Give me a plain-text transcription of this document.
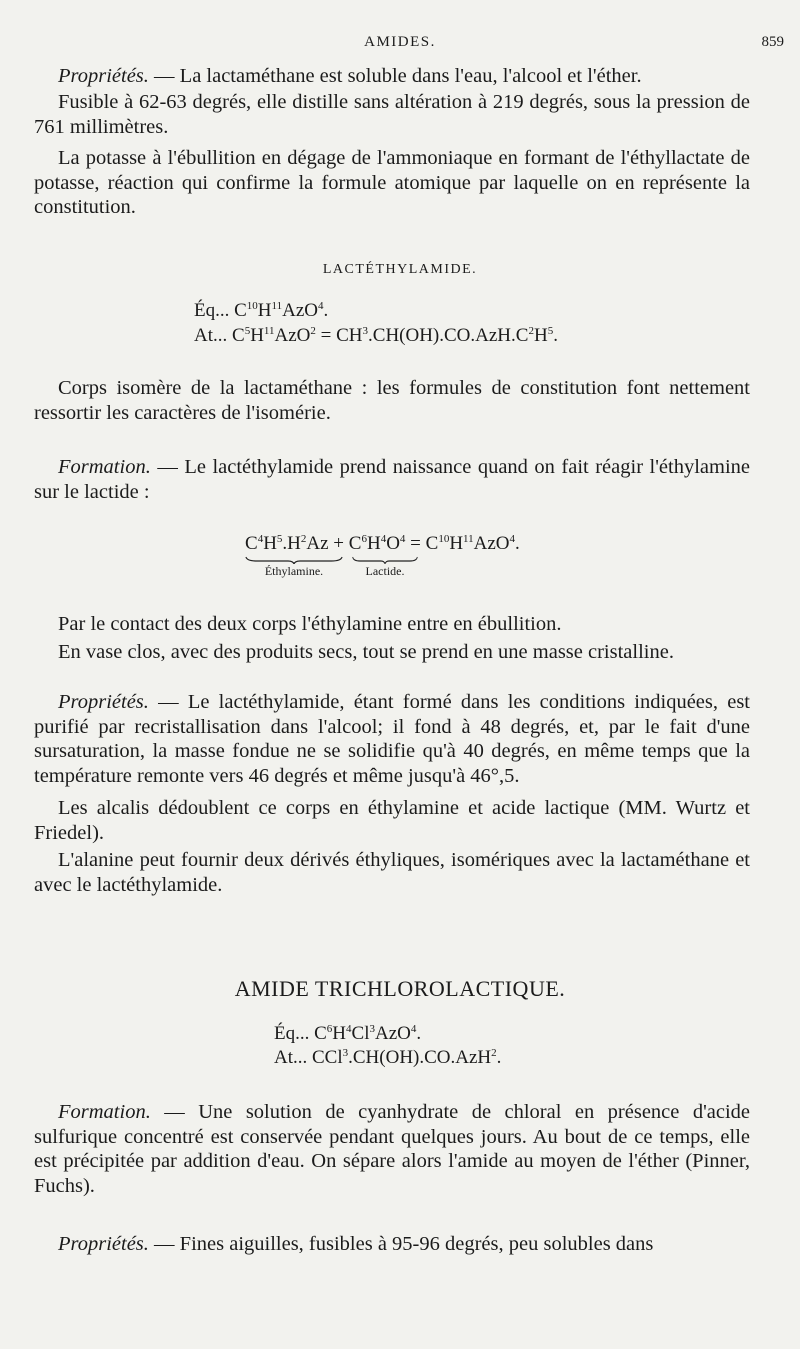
AMIDES.	859
Propriétés. — La lactaméthane est soluble dans l'eau, l'alcool et l'éther.
Fusible à 62-63 degrés, elle distille sans altération à 219 degrés, sous la pression de 761 millimètres.
La potasse à l'ébullition en dégage de l'ammoniaque en formant de l'éthyllactate de potasse, réaction qui confirme la formule atomique par laquelle on en représente la constitution.
LACTÉTHYLAMIDE.
Éq... $C^{10}H^{11}AzO^4$.
At... $C^5H^{11}AzO^2 = CH^3.CH(OH).CO.AzH.C^2H^5$.
Corps isomère de la lactaméthane : les formules de constitution font nettement ressortir les caractères de l'isomérie.
Formation. — Le lactéthylamide prend naissance quand on fait réagir l'éthylamine sur le lactide :
$C^4H^5.H^2Az + C^6H^4O^4 = C^{10}H^{11}AzO^4$.
Éthylamine.	Lactide.
Par le contact des deux corps l'éthylamine entre en ébullition.
En vase clos, avec des produits secs, tout se prend en une masse cristalline.
Propriétés. — Le lactéthylamide, étant formé dans les conditions indiquées, est purifié par recristallisation dans l'alcool; il fond à 48 degrés, et, par le fait d'une sursaturation, la masse fondue ne se solidifie qu'à 40 degrés, en même temps que la température remonte vers 46 degrés et même jusqu'à 46°,5.
Les alcalis dédoublent ce corps en éthylamine et acide lactique (MM. Wurtz et Friedel).
L'alanine peut fournir deux dérivés éthyliques, isomériques avec la lactaméthane et avec le lactéthylamide.
AMIDE TRICHLOROLACTIQUE.
Éq... $C^6H^4Cl^3AzO^4$.
At... CCl$^3$.CH(OH).CO.AzH$^2$.
Formation. — Une solution de cyanhydrate de chloral en présence d'acide sulfurique concentré est conservée pendant quelques jours. Au bout de ce temps, elle est précipitée par addition d'eau. On sépare alors l'amide au moyen de l'éther (Pinner, Fuchs).
Propriétés. — Fines aiguilles, fusibles à 95-96 degrés, peu solubles dans
